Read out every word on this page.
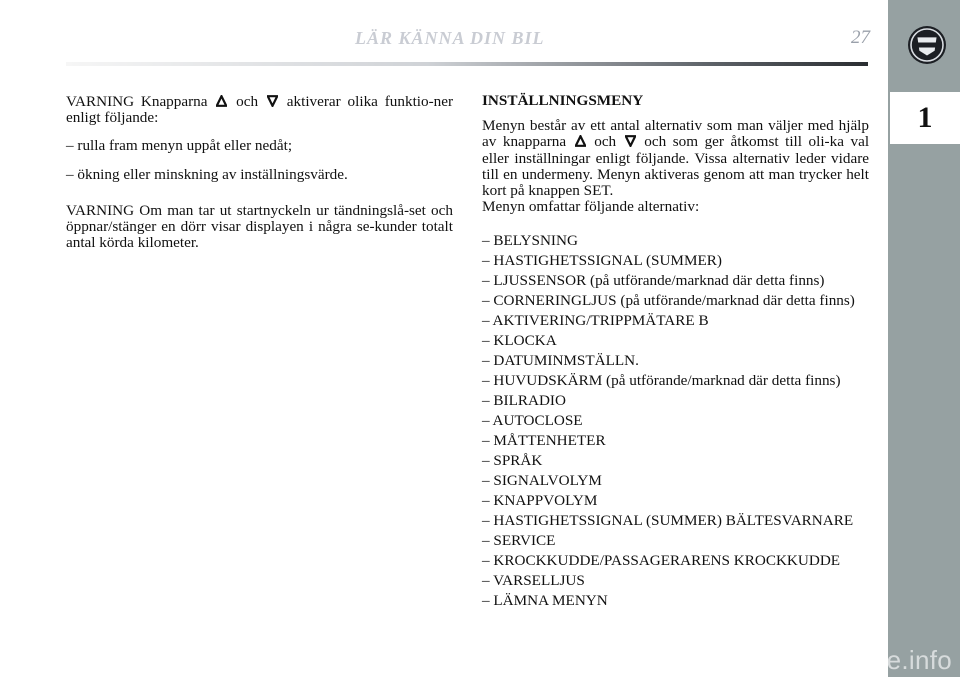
1
LÄR KÄNNA DIN BIL	27

VARNING Knapparna och aktiverar olika funktio-ner enligt följande:

– rulla fram menyn uppåt eller nedåt;

– ökning eller minskning av inställningsvärde.

VARNING Om man tar ut startnyckeln ur tändningslå-set och öppnar/stänger en dörr visar displayen i några se-kunder totalt antal körda kilometer.

INSTÄLLNINGSMENY

Menyn består av ett antal alternativ som man väljer med hjälp av knapparna och och som ger åtkomst till oli-ka val eller inställningar enligt följande. Vissa alternativ leder vidare till en undermeny. Menyn aktiveras genom att man trycker helt kort på knappen SET.

Menyn omfattar följande alternativ:

– BELYSNING
– HASTIGHETSSIGNAL (SUMMER)
– LJUSSENSOR (på utförande/marknad där detta finns)
– CORNERINGLJUS (på utförande/marknad där detta finns)
– AKTIVERING/TRIPPMÄTARE B
– KLOCKA
– DATUMINMSTÄLLN.
– HUVUDSKÄRM (på utförande/marknad där detta finns)
– BILRADIO
– AUTOCLOSE
– MÅTTENHETER
– SPRÅK
– SIGNALVOLYM
– KNAPPVOLYM
– HASTIGHETSSIGNAL (SUMMER) BÄLTESVARNARE
– SERVICE
– KROCKKUDDE/PASSAGERARENS KROCKKUDDE
– VARSELLJUS
– LÄMNA MENYN
carmanualsonline.info
